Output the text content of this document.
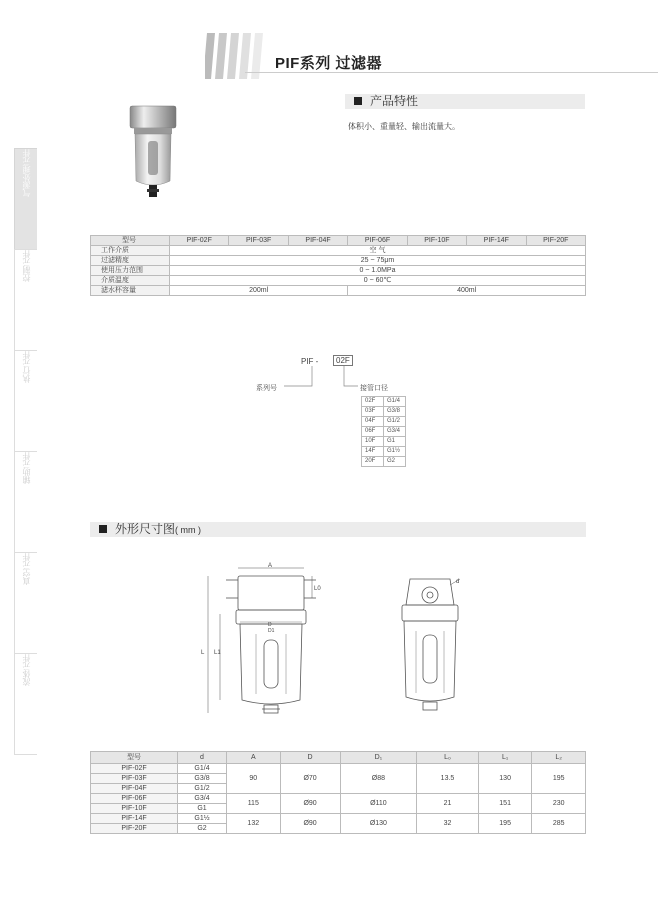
PIF系列 过滤器
气源处理元件
控制元件
执行元件
辅助元件
真空元件
流体元件
产品特性
体积小、重量轻、输出流量大。
型号	PIF-02F	PIF-03F	PIF-04F	PIF-06F	PIF-10F	PIF-14F	PIF-20F
工作介质	空 气						
过滤精度	25 ~ 75μm						
使用压力范围	0 ~ 1.0MPa						
介质温度	0 ~ 60℃						
滤水杯容量	200ml			400ml			
PIF -	02F
系列号	接管口径
02F	G1/4
03F	G3/8
04F	G1/2
06F	G3/4
10F	G1
14F	G1½
20F	G2
外形尺寸图( mm )
A
D
D1
L L1
L0
d
型号	d	A	D	D₁	L₀	L₁	L₂
PIF-02F	G1/4	90	Ø70	Ø88	13.5	130	195
PIF-03F	G3/8						
PIF-04F	G1/2						
PIF-06F	G3/4	115	Ø90	Ø110	21	151	230
PIF-10F	G1						
PIF-14F	G1½	132	Ø90	Ø130	32	195	285
PIF-20F	G2						
